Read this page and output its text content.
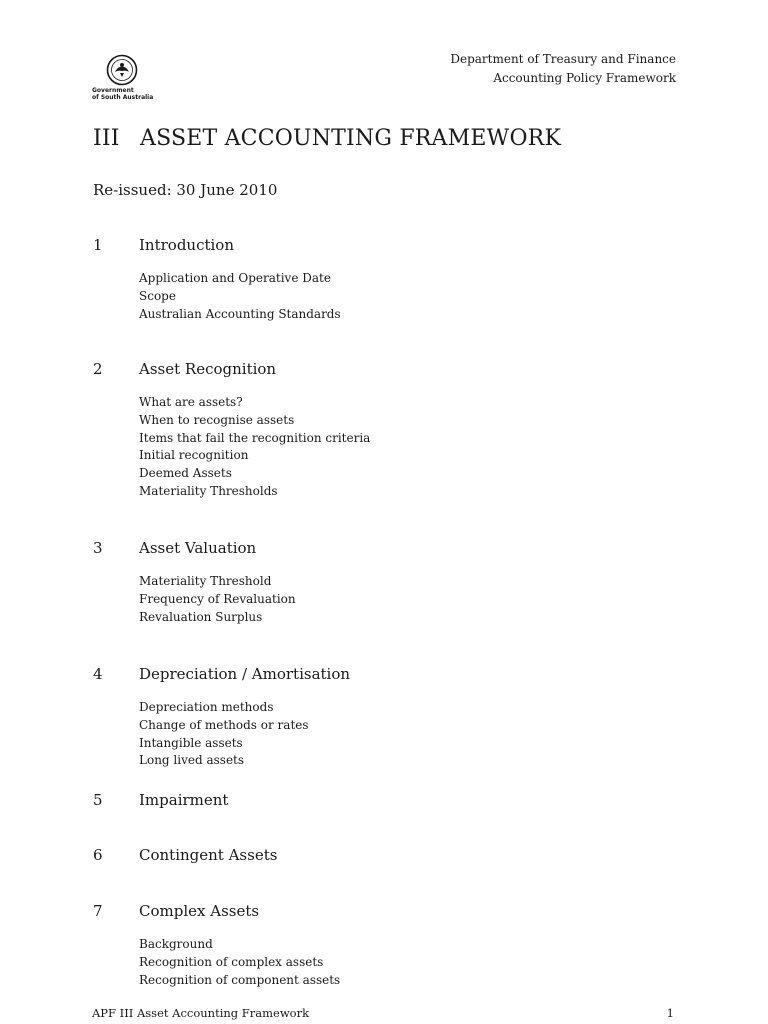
Government
of South Australia
Department of Treasury and Finance
Accounting Policy Framework
III ASSET ACCOUNTING FRAMEWORK
Re-issued: 30 June 2010
1 Introduction
Application and Operative Date
Scope
Australian Accounting Standards
2 Asset Recognition
What are assets?
When to recognise assets
Items that fail the recognition criteria
Initial recognition
Deemed Assets
Materiality Thresholds
3 Asset Valuation
Materiality Threshold
Frequency of Revaluation
Revaluation Surplus
4 Depreciation / Amortisation
Depreciation methods
Change of methods or rates
Intangible assets
Long lived assets
5 Impairment
6 Contingent Assets
7 Complex Assets
Background
Recognition of complex assets
Recognition of component assets
APF III Asset Accounting Framework	1
